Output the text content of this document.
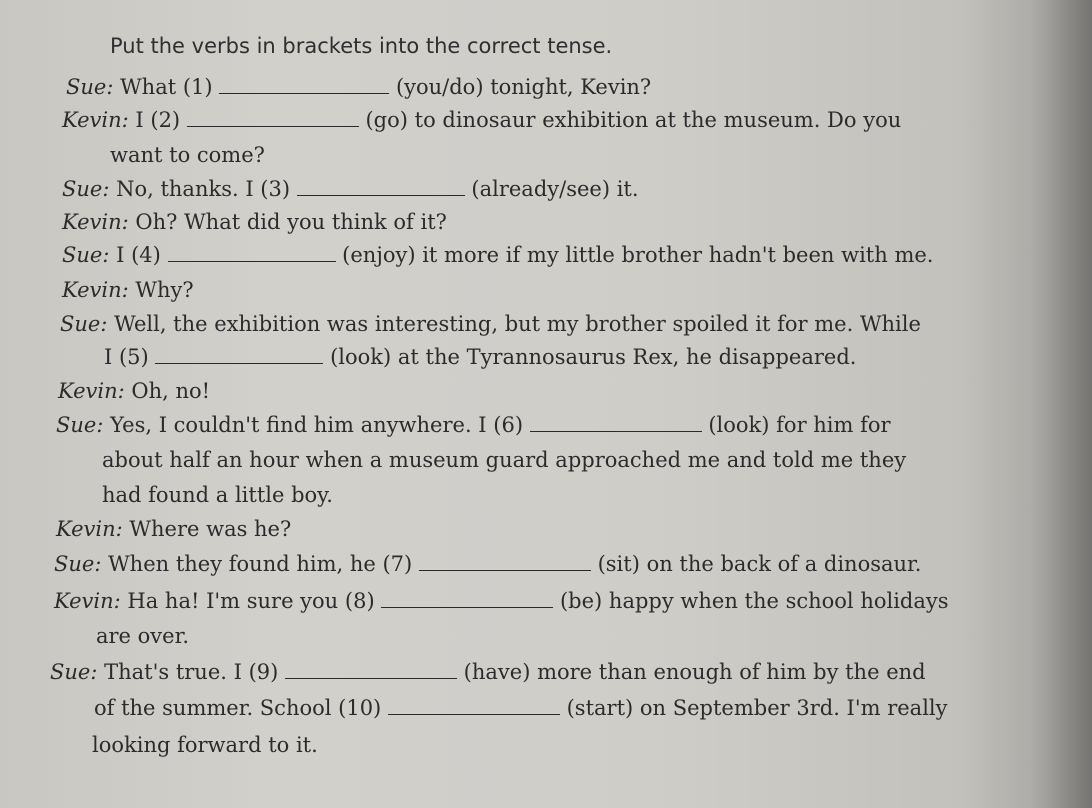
Put the verbs in brackets into the correct tense.
Sue: What (1)	(you/do) tonight, Kevin?
Kevin: I (2)	(go) to dinosaur exhibition at the museum. Do you
want to come?
Sue: No, thanks. I (3)	(already/see) it.
Kevin: Oh? What did you think of it?
Sue: I (4)	(enjoy) it more if my little brother hadn't been with me.
Kevin: Why?
Sue: Well, the exhibition was interesting, but my brother spoiled it for me. While
I (5)	(look) at the Tyrannosaurus Rex, he disappeared.
Kevin: Oh, no!
Sue: Yes, I couldn't find him anywhere. I (6)	(look) for him for
about half an hour when a museum guard approached me and told me they
had found a little boy.
Kevin: Where was he?
Sue: When they found him, he (7)	(sit) on the back of a dinosaur.
Kevin: Ha ha! I'm sure you (8)	(be) happy when the school holidays
are over.
Sue: That's true. I (9)	(have) more than enough of him by the end
of the summer. School (10)	(start) on September 3rd. I'm really
looking forward to it.
